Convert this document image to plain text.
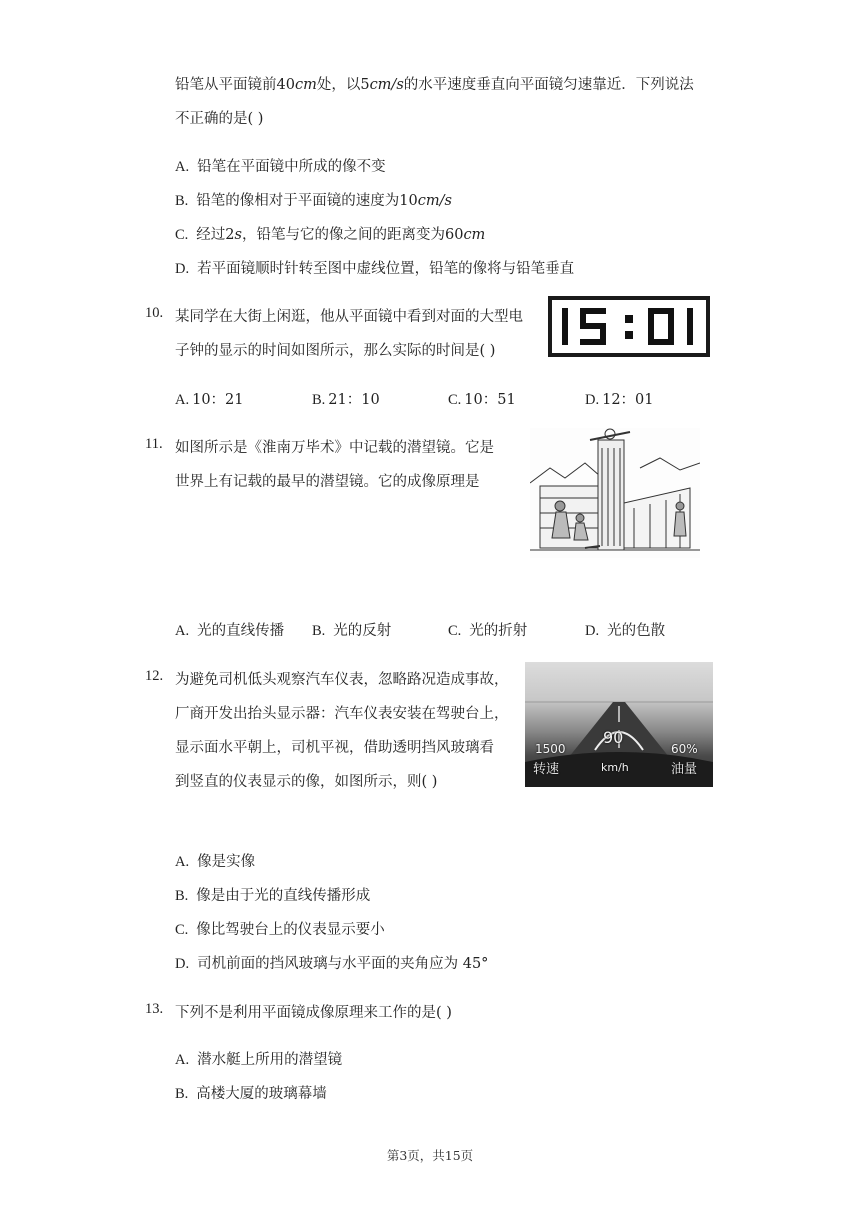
铅笔从平面镜前40cm处，以5cm/s的水平速度垂直向平面镜匀速靠近．下列说法
不正确的是( )
A. 铅笔在平面镜中所成的像不变
B. 铅笔的像相对于平面镜的速度为10cm/s
C. 经过2s，铅笔与它的像之间的距离变为60cm
D. 若平面镜顺时针转至图中虚线位置，铅笔的像将与铅笔垂直
10. 某同学在大街上闲逛，他从平面镜中看到对面的大型电
子钟的显示的时间如图所示，那么实际的时间是( )
A. 10：21	B. 21：10	C. 10：51	D. 12：01
11. 如图所示是《淮南万毕术》中记载的潜望镜。它是
世界上有记载的最早的潜望镜。它的成像原理是
A. 光的直线传播 B. 光的反射	C. 光的折射	D. 光的色散
12. 为避免司机低头观察汽车仪表，忽略路况造成事故，
厂商开发出抬头显示器：汽车仪表安装在驾驶台上，
显示面水平朝上，司机平视，借助透明挡风玻璃看
到竖直的仪表显示的像，如图所示，则( )
90
1500	60%
转速	km/h	油量
A. 像是实像
B. 像是由于光的直线传播形成
C. 像比驾驶台上的仪表显示要小
D. 司机前面的挡风玻璃与水平面的夹角应为 45°
13. 下列不是利用平面镜成像原理来工作的是( )
A. 潜水艇上所用的潜望镜
B. 高楼大厦的玻璃幕墙
第3页，共15页
